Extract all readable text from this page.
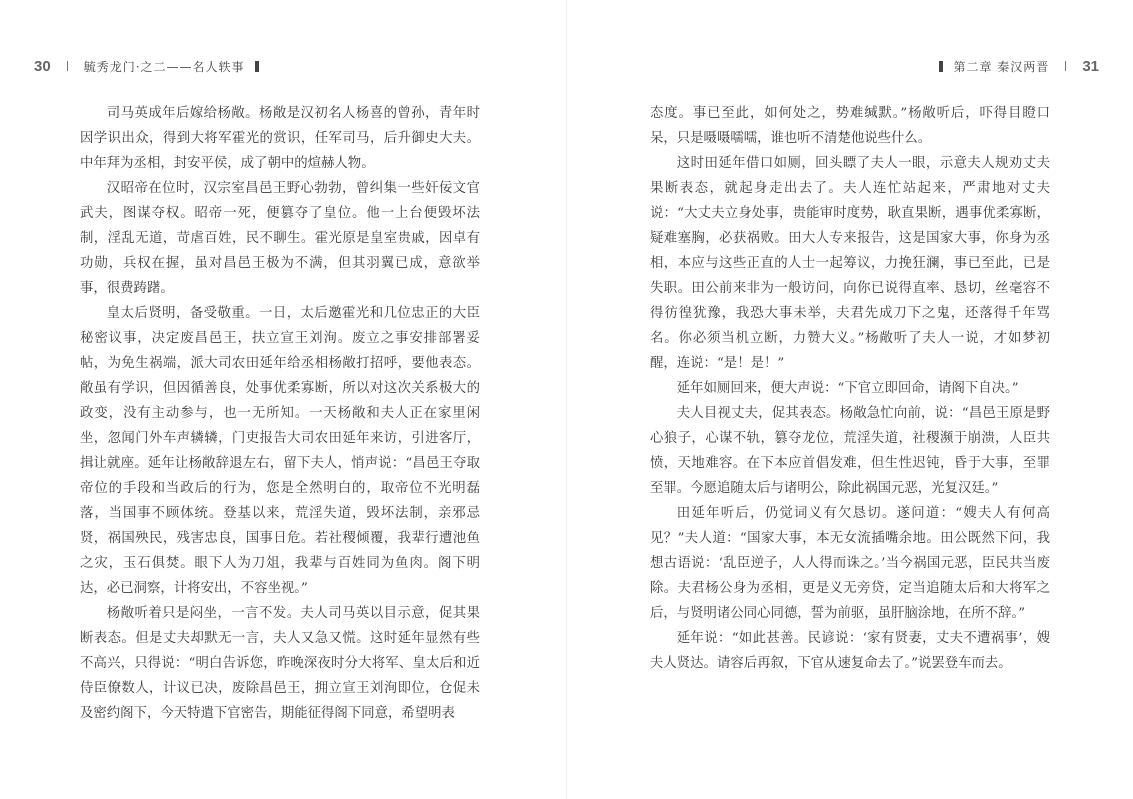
30	毓秀龙门·之二——名人轶事

司马英成年后嫁给杨敞。杨敞是汉初名人杨喜的曾孙，青年时因学识出众，得到大将军霍光的赏识，任军司马，后升御史大夫。中年拜为丞相，封安平侯，成了朝中的煊赫人物。

汉昭帝在位时，汉宗室昌邑王野心勃勃，曾纠集一些奸佞文官武夫，图谋夺权。昭帝一死，便篡夺了皇位。他一上台便毁坏法制，淫乱无道，苛虐百姓，民不聊生。霍光原是皇室贵戚，因卓有功勋，兵权在握，虽对昌邑王极为不满，但其羽翼已成，意欲举事，很费踌躇。

皇太后贤明，备受敬重。一日，太后邀霍光和几位忠正的大臣秘密议事，决定废昌邑王，扶立宣王刘洵。废立之事安排部署妥帖，为免生祸端，派大司农田延年给丞相杨敞打招呼，要他表态。敞虽有学识，但因循善良，处事优柔寡断，所以对这次关系极大的政变，没有主动参与，也一无所知。一天杨敞和夫人正在家里闲坐，忽闻门外车声辚辚，门吏报告大司农田延年来访，引进客厅，揖让就座。延年让杨敞辞退左右，留下夫人，悄声说：“昌邑王夺取帝位的手段和当政后的行为，您是全然明白的，取帝位不光明磊落，当国事不顾体统。登基以来，荒淫失道，毁坏法制，亲邪忌贤，祸国殃民，残害忠良，国事日危。若社稷倾覆，我辈行遭池鱼之灾，玉石俱焚。眼下人为刀俎，我辈与百姓同为鱼肉。阁下明达，必已洞察，计将安出，不容坐视。”

杨敞听着只是闷坐，一言不发。夫人司马英以目示意，促其果断表态。但是丈夫却默无一言，夫人又急又慌。这时延年显然有些不高兴，只得说：“明白告诉您，昨晚深夜时分大将军、皇太后和近侍臣僚数人，计议已决，废除昌邑王，拥立宣王刘洵即位，仓促未及密约阁下，今天特遣下官密告，期能征得阁下同意，希望明表

第二章 秦汉两晋 31

态度。事已至此，如何处之，势难缄默。”杨敞听后，吓得目瞪口呆，只是嗫嗫嚅嚅，谁也听不清楚他说些什么。

这时田延年借口如厕，回头瞟了夫人一眼，示意夫人规劝丈夫果断表态，就起身走出去了。夫人连忙站起来，严肃地对丈夫说：“大丈夫立身处事，贵能审时度势，耿直果断，遇事优柔寡断，疑难塞胸，必获祸败。田大人专来报告，这是国家大事，你身为丞相，本应与这些正直的人士一起筹议，力挽狂澜，事已至此，已是失职。田公前来非为一般访问，向你已说得直率、恳切，丝毫容不得彷徨犹豫，我恐大事未举，夫君先成刀下之鬼，还落得千年骂名。你必须当机立断，力赞大义。”杨敞听了夫人一说，才如梦初醒，连说：“是！是！”

延年如厕回来，便大声说：“下官立即回命，请阁下自决。”

夫人目视丈夫，促其表态。杨敞急忙向前，说：“昌邑王原是野心狼子，心谋不轨，篡夺龙位，荒淫失道，社稷濒于崩溃，人臣共愤，天地难容。在下本应首倡发难，但生性迟钝，昏于大事，至罪至罪。今愿追随太后与诸明公，除此祸国元恶，光复汉廷。”

田延年听后，仍觉词义有欠恳切。遂问道：“嫂夫人有何高见？”夫人道：“国家大事，本无女流插嘴余地。田公既然下问，我想古语说：‘乱臣逆子，人人得而诛之。’当今祸国元恶，臣民共当废除。夫君杨公身为丞相，更是义无旁贷，定当追随太后和大将军之后，与贤明诸公同心同德，誓为前驱，虽肝脑涂地，在所不辞。”

延年说：“如此甚善。民谚说：‘家有贤妻，丈夫不遭祸事’，嫂夫人贤达。请容后再叙，下官从速复命去了。”说罢登车而去。
